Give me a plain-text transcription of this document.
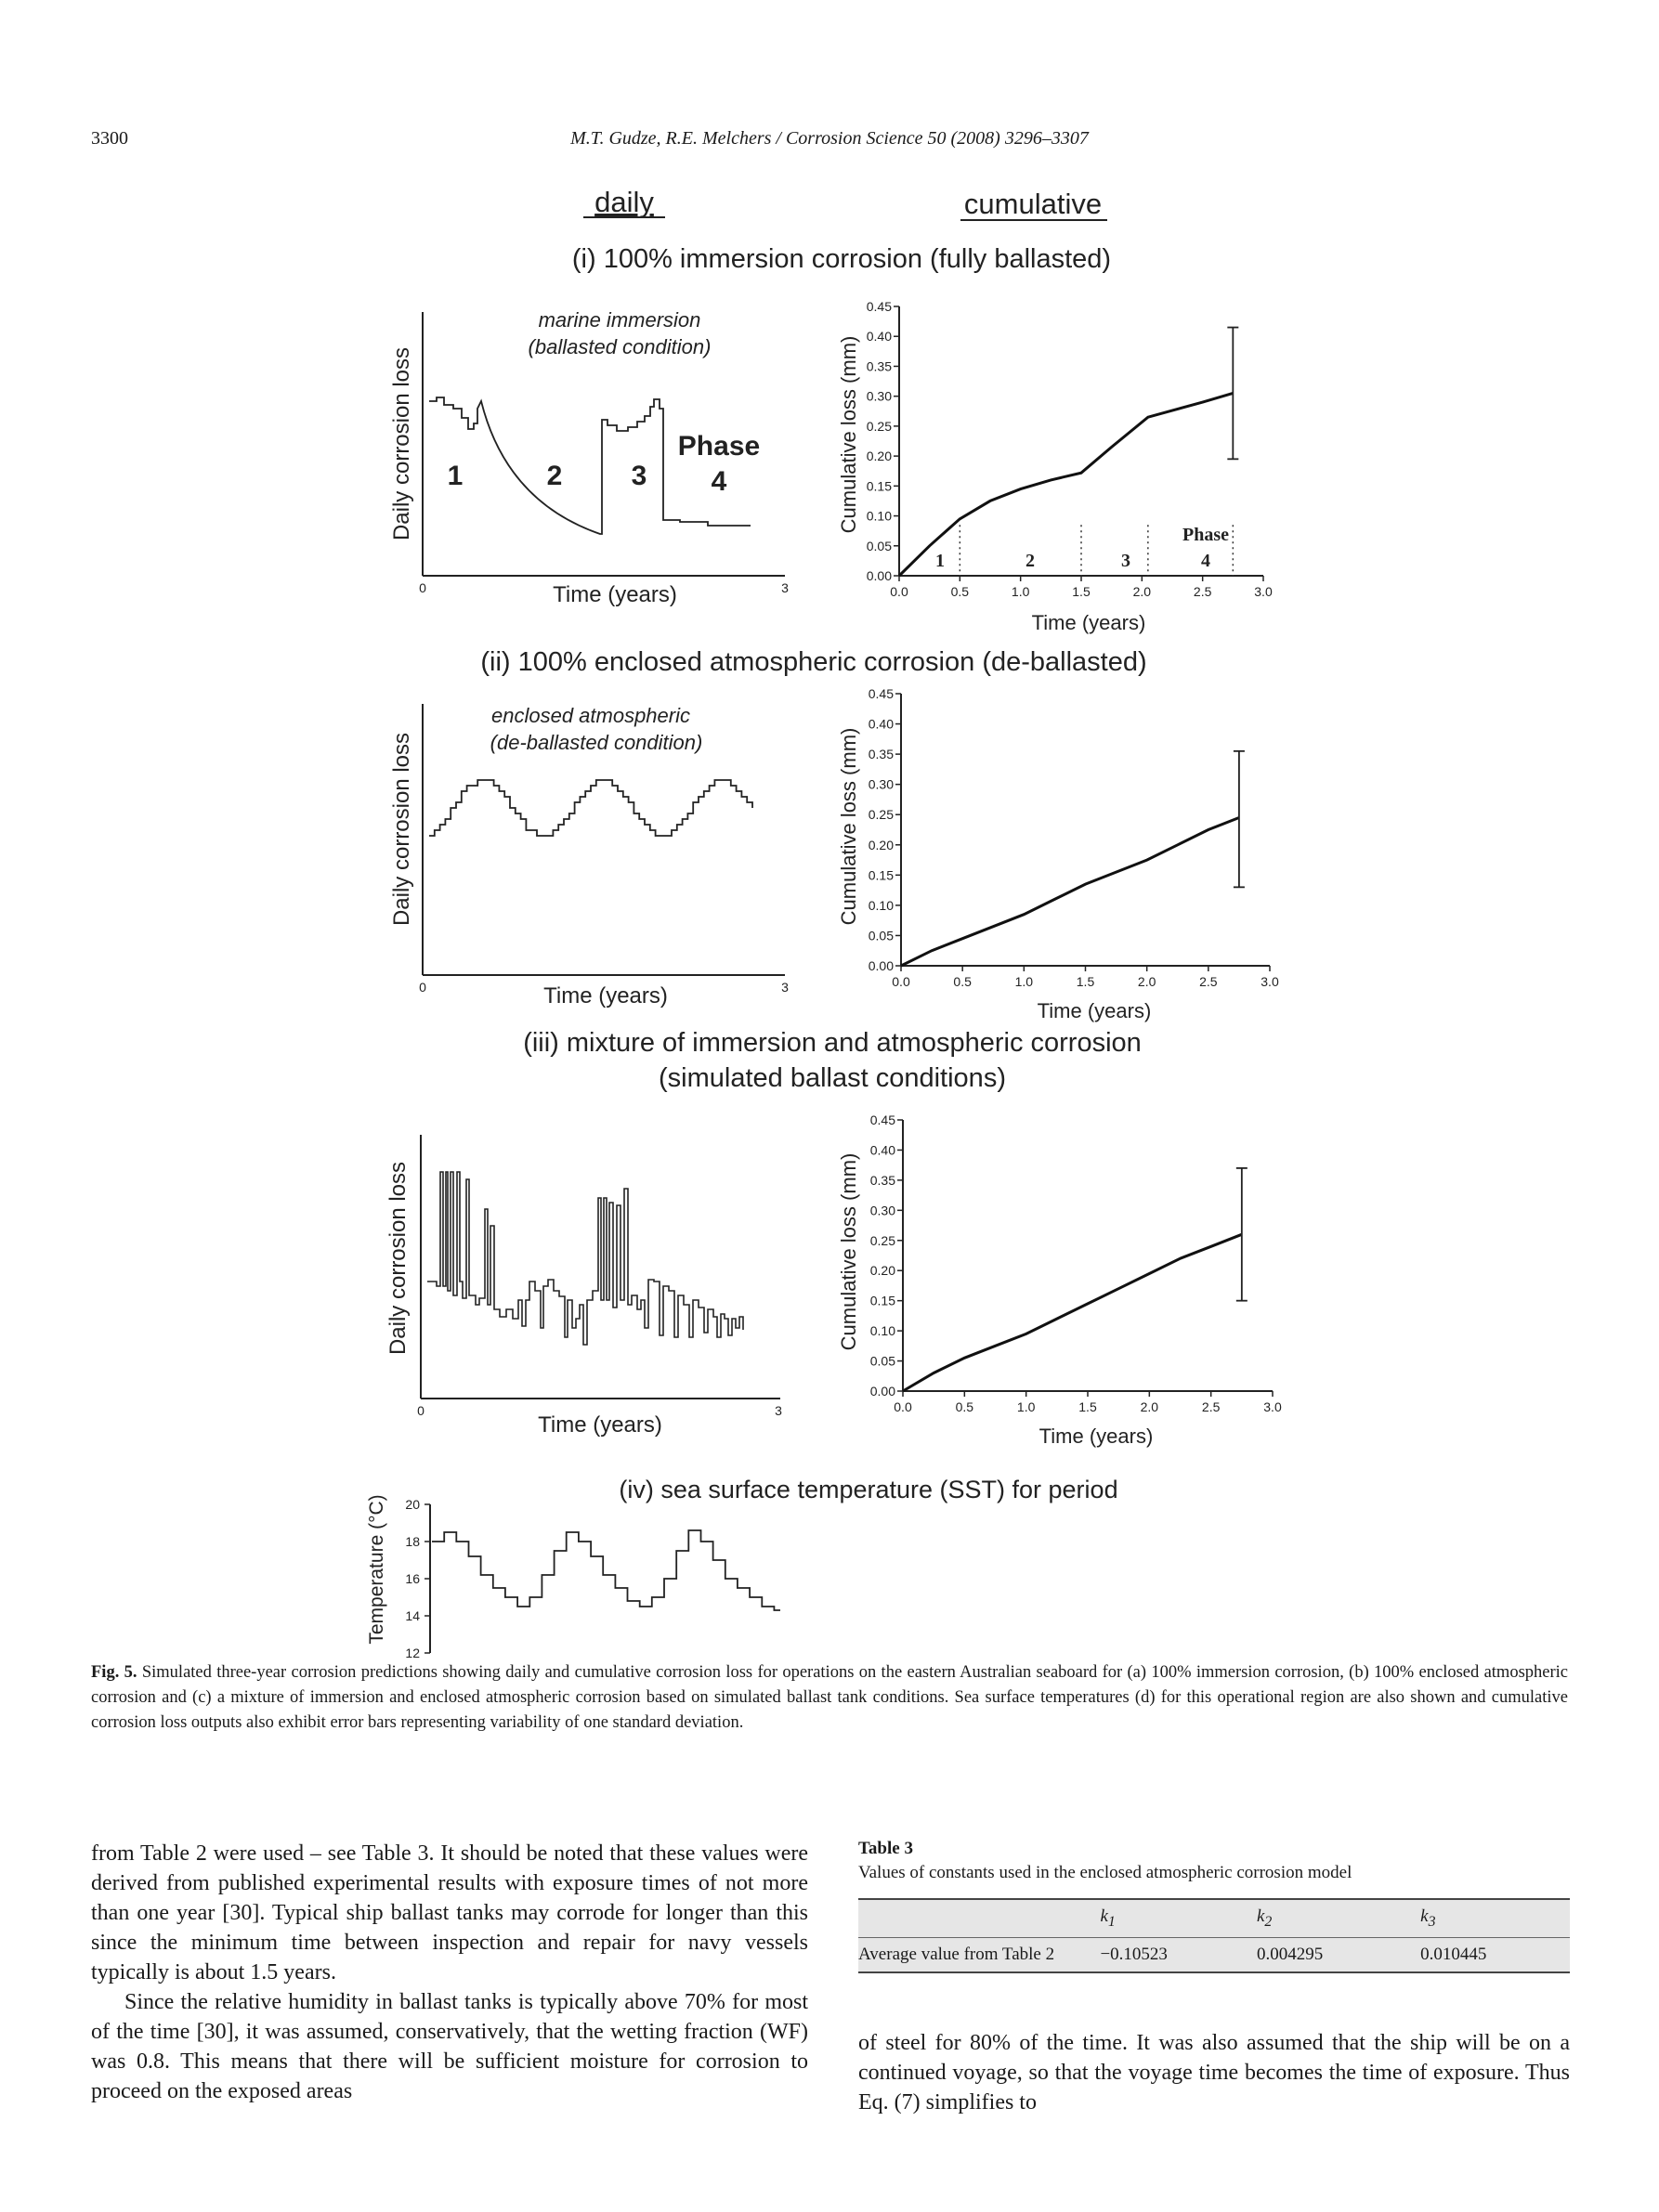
3300	M.T. Gudze, R.E. Melchers / Corrosion Science 50 (2008) 3296–3307
daily	cumulative
(i) 100% immersion corrosion (fully ballasted)
(ii) 100% enclosed atmospheric corrosion (de-ballasted)
(iii) mixture of immersion and atmospheric corrosion
(simulated ballast conditions)
(iv) sea surface temperature (SST) for period
Daily corrosion loss
Time (years)
0	3
marine immersion
(ballasted condition)
1	2 3
Phase
4
0.45
0.40
0.35
0.30
0.25
0.20
0.15
0.10
0.05
0.00
0.0	0.5	1.0	1.5	2.0	2.5	3.0
0.45
0.40
0.35
0.30
0.25
0.20
0.15
0.10
0.05
0.00
0.0	0.5	1.0	1.5	2.0	2.5	3.0
0.45
0.40
0.35
0.30
0.25
0.20
0.15
0.10
0.05
0.00
0.0	0.5	1.0	1.5	2.0	2.5	3.0
Cumulative loss (mm)
Time (years)
1	2	3
Phase
4
Daily corrosion loss
Time (years)
0	3
enclosed atmospheric
(de-ballasted condition)	Cumulative loss (mm)
Time (years)
Daily corrosion loss
Time (years)
0	3
Cumulative loss (mm)
Time (years)
Temperature (°C) 20
18
16
14
12
Fig. 5. Simulated three-year corrosion predictions showing daily and cumulative corrosion loss for operations on the eastern Australian seaboard for (a) 100% immersion corrosion, (b) 100% enclosed atmospheric corrosion and (c) a mixture of immersion and enclosed atmospheric corrosion based on simulated ballast tank conditions. Sea surface temperatures (d) for this operational region are also shown and cumulative corrosion loss outputs also exhibit error bars representing variability of one standard deviation.

from Table 2 were used – see Table 3. It should be noted that these values were derived from published experimental results with exposure times of not more than one year [30]. Typical ship ballast tanks may corrode for longer than this since the minimum time between inspection and repair for navy vessels typically is about 1.5 years.

Since the relative humidity in ballast tanks is typically above 70% for most of the time [30], it was assumed, conservatively, that the wetting fraction (WF) was 0.8. This means that there will be sufficient moisture for corrosion to proceed on the exposed areas

Table 3
Values of constants used in the enclosed atmospheric corrosion model
	$k_1$	$k_2$	$k_3$
Average value from Table 2	−0.10523	0.004295	0.010445

of steel for 80% of the time. It was also assumed that the ship will be on a continued voyage, so that the voyage time becomes the time of exposure. Thus Eq. (7) simplifies to
